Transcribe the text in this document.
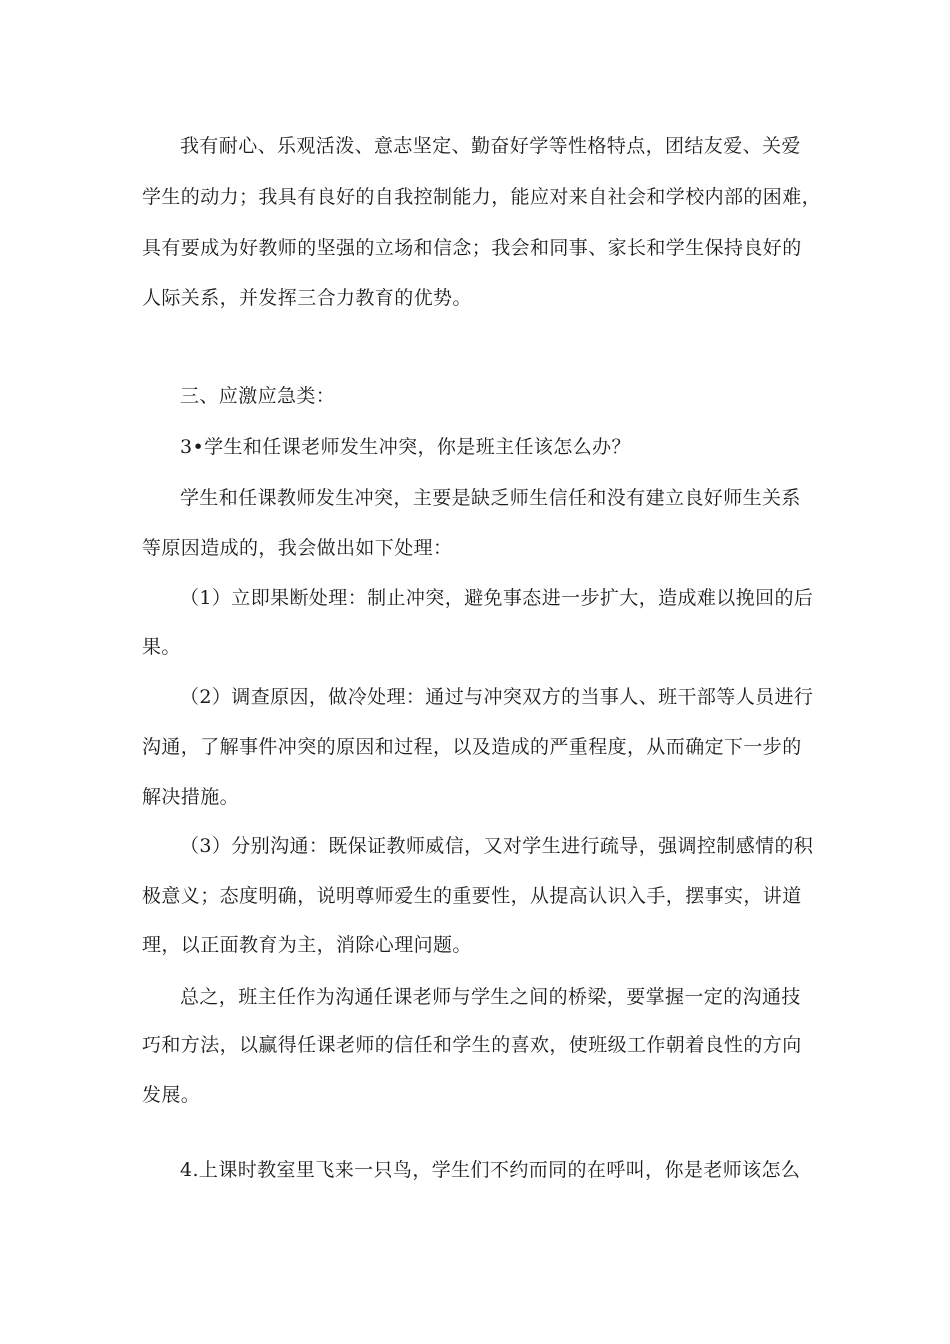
我有耐心、乐观活泼、意志坚定、勤奋好学等性格特点，团结友爱、关爱
学生的动力；我具有良好的自我控制能力，能应对来自社会和学校内部的困难，
具有要成为好教师的坚强的立场和信念；我会和同事、家长和学生保持良好的
人际关系，并发挥三合力教育的优势。
三、应激应急类：
3•学生和任课老师发生冲突，你是班主任该怎么办？
学生和任课教师发生冲突，主要是缺乏师生信任和没有建立良好师生关系
等原因造成的，我会做出如下处理：
（1）立即果断处理：制止冲突，避免事态进一步扩大，造成难以挽回的后
果。
（2）调查原因，做冷处理：通过与冲突双方的当事人、班干部等人员进行
沟通，了解事件冲突的原因和过程，以及造成的严重程度，从而确定下一步的
解决措施。
（3）分别沟通：既保证教师威信，又对学生进行疏导，强调控制感情的积
极意义；态度明确，说明尊师爱生的重要性，从提高认识入手，摆事实，讲道
理，以正面教育为主，消除心理问题。
总之，班主任作为沟通任课老师与学生之间的桥梁，要掌握一定的沟通技
巧和方法，以赢得任课老师的信任和学生的喜欢，使班级工作朝着良性的方向
发展。
4.上课时教室里飞来一只鸟，学生们不约而同的在呼叫，你是老师该怎么
